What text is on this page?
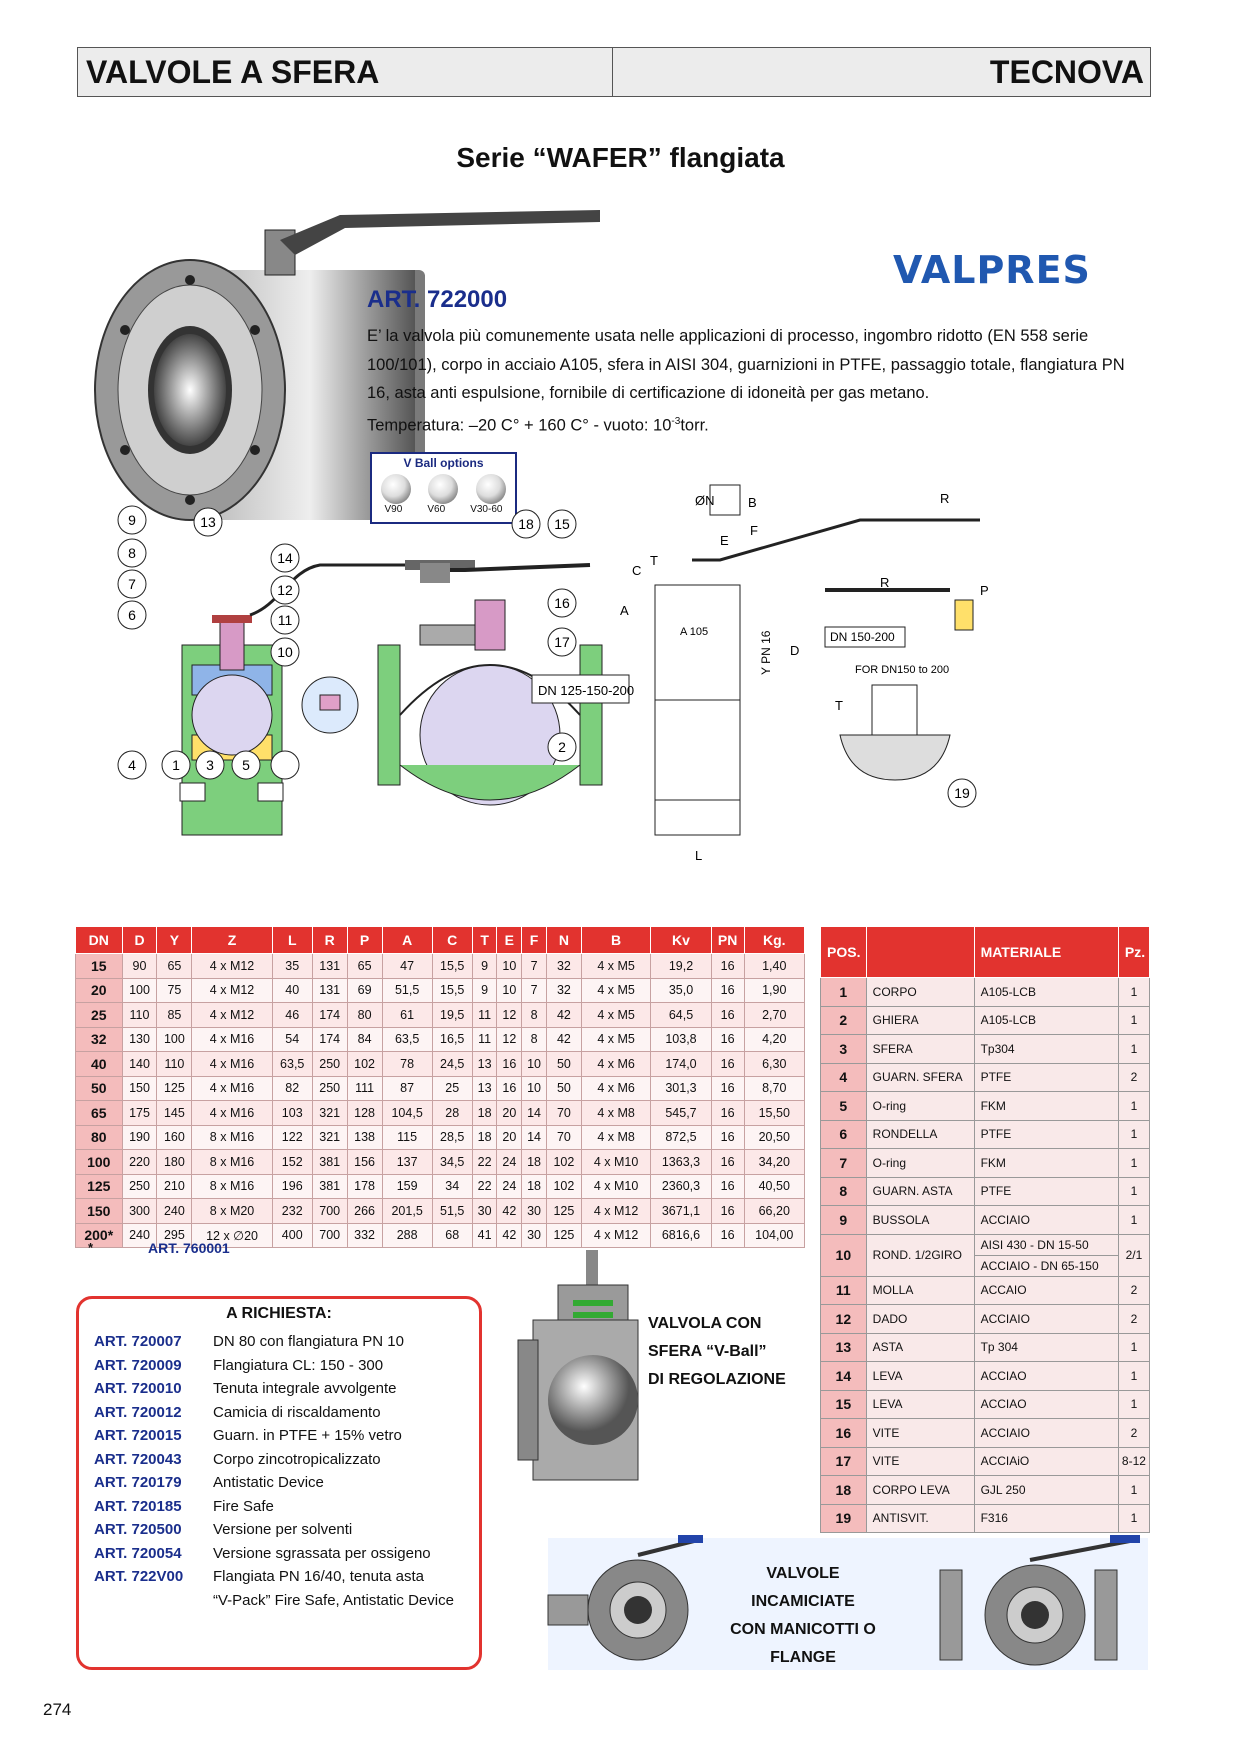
VALVOLE A SFERA	TECNOVA
Serie “WAFER” flangiata
VALPRES
ART. 722000

E’ la valvola più comunemente usata nelle applicazioni di processo, ingombro ridotto (EN 558 serie 100/101), corpo in acciaio A105, sfera in AISI 304, guarnizioni in PTFE, passaggio totale, flangiatura PN 16, asta anti espulsione, fornibile di certificazione di idoneità per gas metano.

Temperatura: –20 C° + 160 C° - vuoto: $10^{-3}torr$.

V Ball options
V90	V60	V30-60
DN 125-150-200
A 105	Y PN 16	DN 150-200
FOR DN150 to 200
9	13
8
7
6
14
12
11
10
18 15
16
17
2
4	1 3 5
19
R
R
ØN	B
E
F
C
T
A
P
D
L
T
DN	D	Y	Z	L	R	P	A	C	T	E	F	N	B	Kv	PN	Kg.
15	90	65	4 x M12	35	131	65	47	15,5	9	10	7	32	4 x M5	19,2	16	1,40
20	100	75	4 x M12	40	131	69	51,5	15,5	9	10	7	32	4 x M5	35,0	16	1,90
25	110	85	4 x M12	46	174	80	61	19,5	11	12	8	42	4 x M5	64,5	16	2,70
32	130	100	4 x M16	54	174	84	63,5	16,5	11	12	8	42	4 x M5	103,8	16	4,20
40	140	110	4 x M16	63,5	250	102	78	24,5	13	16	10	50	4 x M6	174,0	16	6,30
50	150	125	4 x M16	82	250	111	87	25	13	16	10	50	4 x M6	301,3	16	8,70
65	175	145	4 x M16	103	321	128	104,5	28	18	20	14	70	4 x M8	545,7	16	15,50
80	190	160	8 x M16	122	321	138	115	28,5	18	20	14	70	4 x M8	872,5	16	20,50
100	220	180	8 x M16	152	381	156	137	34,5	22	24	18	102	4 x M10	1363,3	16	34,20
125	250	210	8 x M16	196	381	178	159	34	22	24	18	102	4 x M10	2360,3	16	40,50
150	300	240	8 x M20	232	700	266	201,5	51,5	30	42	30	125	4 x M12	3671,1	16	66,20
200*	240	295	12 x ∅20	400	700	332	288	68	41	42	30	125	4 x M12	6816,6	16	104,00
*	ART. 760001
POS.		MATERIALE	Pz.
1	CORPO	A105-LCB	1
2	GHIERA	A105-LCB	1
3	SFERA	Tp304	1
4	GUARN. SFERA	PTFE	2
5	O-ring	FKM	1
6	RONDELLA	PTFE	1
7	O-ring	FKM	1
8	GUARN. ASTA	PTFE	1
9	BUSSOLA	ACCIAIO	1
10	ROND. 1/2GIRO	AISI 430 - DN 15-50
ACCIAIO - DN 65-150	2/1
11	MOLLA	ACCAIO	2
12	DADO	ACCIAIO	2
13	ASTA	Tp 304	1
14	LEVA	ACCIAO	1
15	LEVA	ACCIAO	1
16	VITE	ACCIAIO	2
17	VITE	ACCIAiO	8-12
18	CORPO LEVA	GJL 250	1
19	ANTISVIT.	F316	1
A RICHIESTA:
ART. 720007 DN 80 con flangiatura PN 10
ART. 720009 Flangiatura CL: 150 - 300
ART. 720010 Tenuta integrale avvolgente
ART. 720012 Camicia di riscaldamento
ART. 720015 Guarn. in PTFE + 15% vetro
ART. 720043 Corpo zincotropicalizzato
ART. 720179 Antistatic Device
ART. 720185 Fire Safe
ART. 720500 Versione per solventi
ART. 720054 Versione sgrassata per ossigeno
ART. 722V00 Flangiata PN 16/40, tenuta asta
“V-Pack” Fire Safe, Antistatic Device
VALVOLA CON
SFERA “V-Ball”
DI REGOLAZIONE
VALVOLE
INCAMICIATE
CON MANICOTTI O FLANGE
274
